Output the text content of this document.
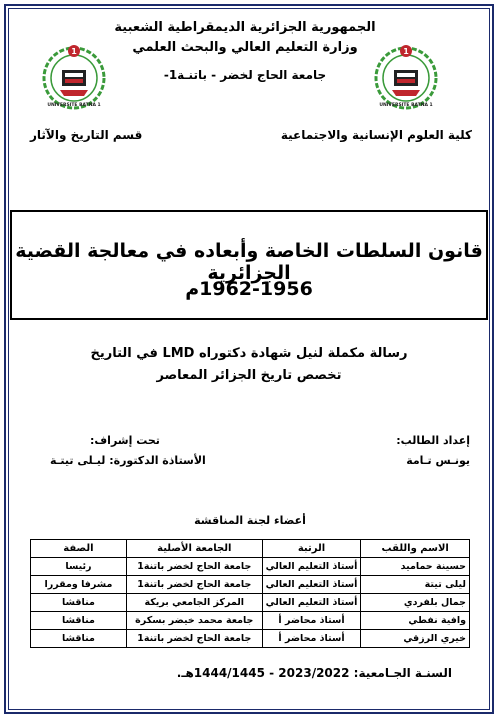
1
UNIVERSITE BATNA 1
1
UNIVERSITE BATNA 1
الجمهورية الجزائرية الديمقراطية الشعبية
وزارة التعليم العالي والبحث العلمي
جامعة الحاج لخضر - باتنـة1-
كلية العلوم الإنسانية والاجتماعية
قسم التاريخ والآثار
قانون السلطات الخاصة وأبعاده في معالجة القضية الجزائرية
1962-1956م
رسالة مكملة لنيل شهادة دكتوراه LMD في التاريخ
تخصص تاريخ الجزائر المعاصر
إعداد الطالب:
يونـس تـامة
تحت إشراف:
الأستاذة الدكتورة: ليـلى تيتـة
أعضاء لجنة المناقشة
الاسم واللقب	الرتبة	الجامعة الأصلية	الصفة
حسينة حماميد	أستاذ التعليم العالي	جامعة الحاج لخضر باتنة1	رئيسا
ليلى تيتة	أستاذ التعليم العالي	جامعة الحاج لخضر باتنة1	مشرفا ومقررا
جمال بلفردي	أستاذ التعليم العالي	المركز الجامعي بريكة	مناقشا
وافية نفطي	أستاذ محاضر أ	جامعة محمد خيضر بسكرة	مناقشا
خيري الرزقي	أستاذ محاضر أ	جامعة الحاج لخضر باتنة1	مناقشا
السنـة الجـامعية: 2023/2022 - 1444/1445هـ.
